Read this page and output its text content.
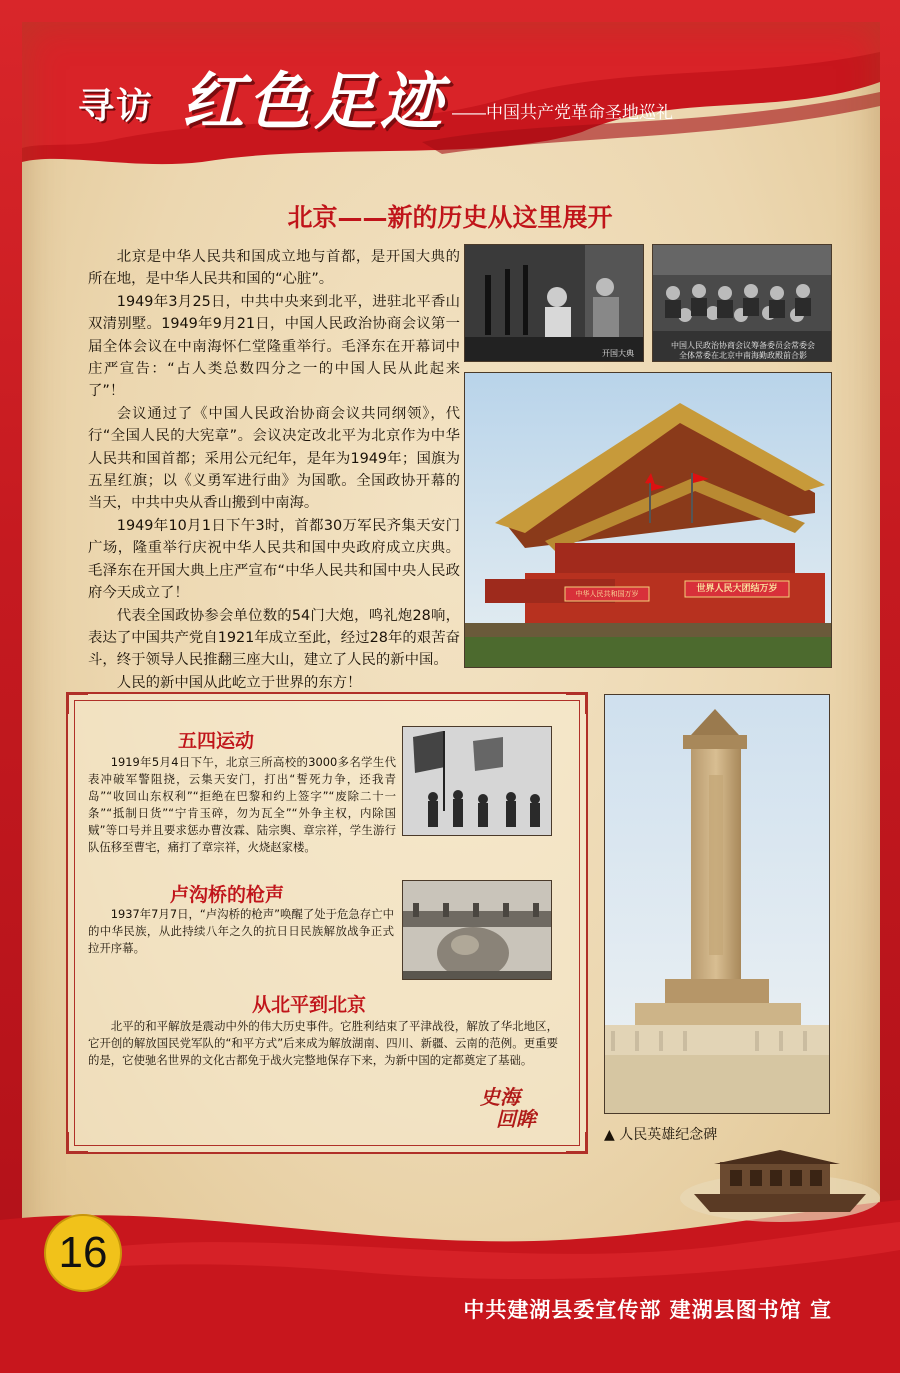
寻访 红色足迹 ——中国共产党革命圣地巡礼
北京——新的历史从这里展开

北京是中华人民共和国成立地与首都，是开国大典的所在地，是中华人民共和国的“心脏”。

1949年3月25日，中共中央来到北平，进驻北平香山双清别墅。1949年9月21日，中国人民政治协商会议第一届全体会议在中南海怀仁堂隆重举行。毛泽东在开幕词中庄严宣告：“占人类总数四分之一的中国人民从此起来了”！

会议通过了《中国人民政治协商会议共同纲领》，代行“全国人民的大宪章”。会议决定改北平为北京作为中华人民共和国首都；采用公元纪年，是年为1949年；国旗为五星红旗；以《义勇军进行曲》为国歌。全国政协开幕的当天，中共中央从香山搬到中南海。

1949年10月1日下午3时，首都30万军民齐集天安门广场，隆重举行庆祝中华人民共和国中央政府成立庆典。毛泽东在开国大典上庄严宣布“中华人民共和国中央人民政府今天成立了！

代表全国政协参会单位数的54门大炮，鸣礼炮28响，表达了中国共产党自1921年成立至此，经过28年的艰苦奋斗，终于领导人民推翻三座大山，建立了人民的新中国。

人民的新中国从此屹立于世界的东方！

开国大典
中国人民政治协商会议筹备委员会常委会
全体常委在北京中南海勤政殿前合影
中华人民共和国万岁	世界人民大团结万岁
五四运动

1919年5月4日下午，北京三所高校的3000多名学生代表冲破军警阻挠，云集天安门，打出“誓死力争，还我青岛”“收回山东权利”“拒绝在巴黎和约上签字”“废除二十一条”“抵制日货”“宁肯玉碎，勿为瓦全”“外争主权，内除国贼”等口号并且要求惩办曹汝霖、陆宗舆、章宗祥，学生游行队伍移至曹宅，痛打了章宗祥，火烧赵家楼。

卢沟桥的枪声

1937年7月7日，“卢沟桥的枪声”唤醒了处于危急存亡中的中华民族，从此持续八年之久的抗日日民族解放战争正式拉开序幕。

从北平到北京

北平的和平解放是震动中外的伟大历史事件。它胜利结束了平津战役，解放了华北地区，它开创的解放国民党军队的“和平方式”后来成为解放湖南、四川、新疆、云南的范例。更重要的是，它使驰名世界的文化古都免于战火完整地保存下来，为新中国的定都奠定了基础。

史海
回眸
▲ 人民英雄纪念碑
16
中共建湖县委宣传部 建湖县图书馆 宣
